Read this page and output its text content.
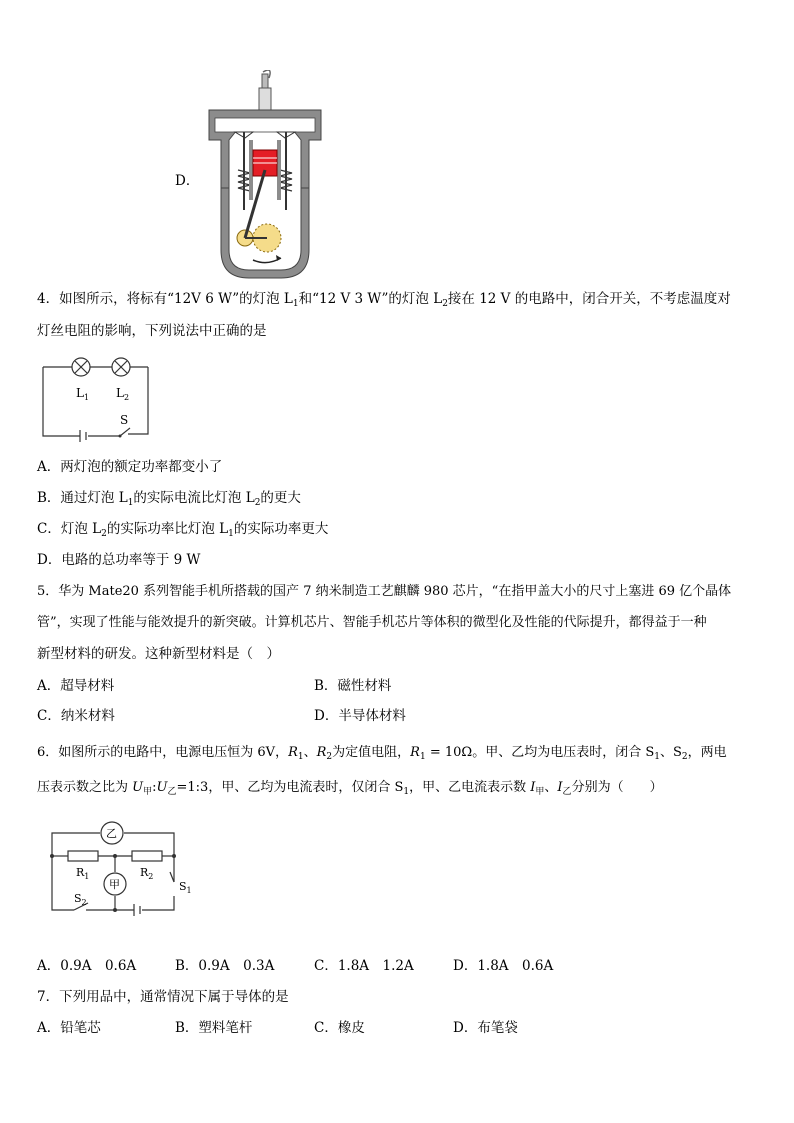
D．
4．如图所示，将标有“12V 6 W”的灯泡 $L_1$和“12 V 3 W”的灯泡 $L_2$接在 12 V 的电路中，闭合开关，不考虑温度对
灯丝电阻的影响，下列说法中正确的是
$L_1$ $L_2$
S
A．两灯泡的额定功率都变小了
B．通过灯泡 $L_1$的实际电流比灯泡 $L_2$的更大
C．灯泡 $L_2$的实际功率比灯泡 $L_1$的实际功率更大
D．电路的总功率等于 9 W
5．华为 Mate20 系列智能手机所搭载的国产 7 纳米制造工艺麒麟 980 芯片，“在指甲盖大小的尺寸上塞进 69 亿个晶体
管”，实现了性能与能效提升的新突破。计算机芯片、智能手机芯片等体积的微型化及性能的代际提升，都得益于一种
新型材料的研发。这种新型材料是（　）
A．超导材料	B．磁性材料
C．纳米材料	D．半导体材料
6．如图所示的电路中，电源电压恒为 6V，$R_1$、$R_2$为定值电阻，$R_1 = 10\Omega$。甲、乙均为电压表时，闭合 $S_1$、$S_2$，两电
压表示数之比为 $U_甲:U_乙=1:3$，甲、乙均为电流表时，仅闭合 $S_1$，甲、乙电流表示数 $I_甲$、$I_乙$分别为（　　）
乙
甲
$R_1$	$R_2$
$S_1$
$S_2$
A．0.9A　0.6A	B．0.9A　0.3A	C．1.8A　1.2A	D．1.8A　0.6A
7．下列用品中，通常情况下属于导体的是
A．铅笔芯	B．塑料笔杆	C．橡皮	D．布笔袋
